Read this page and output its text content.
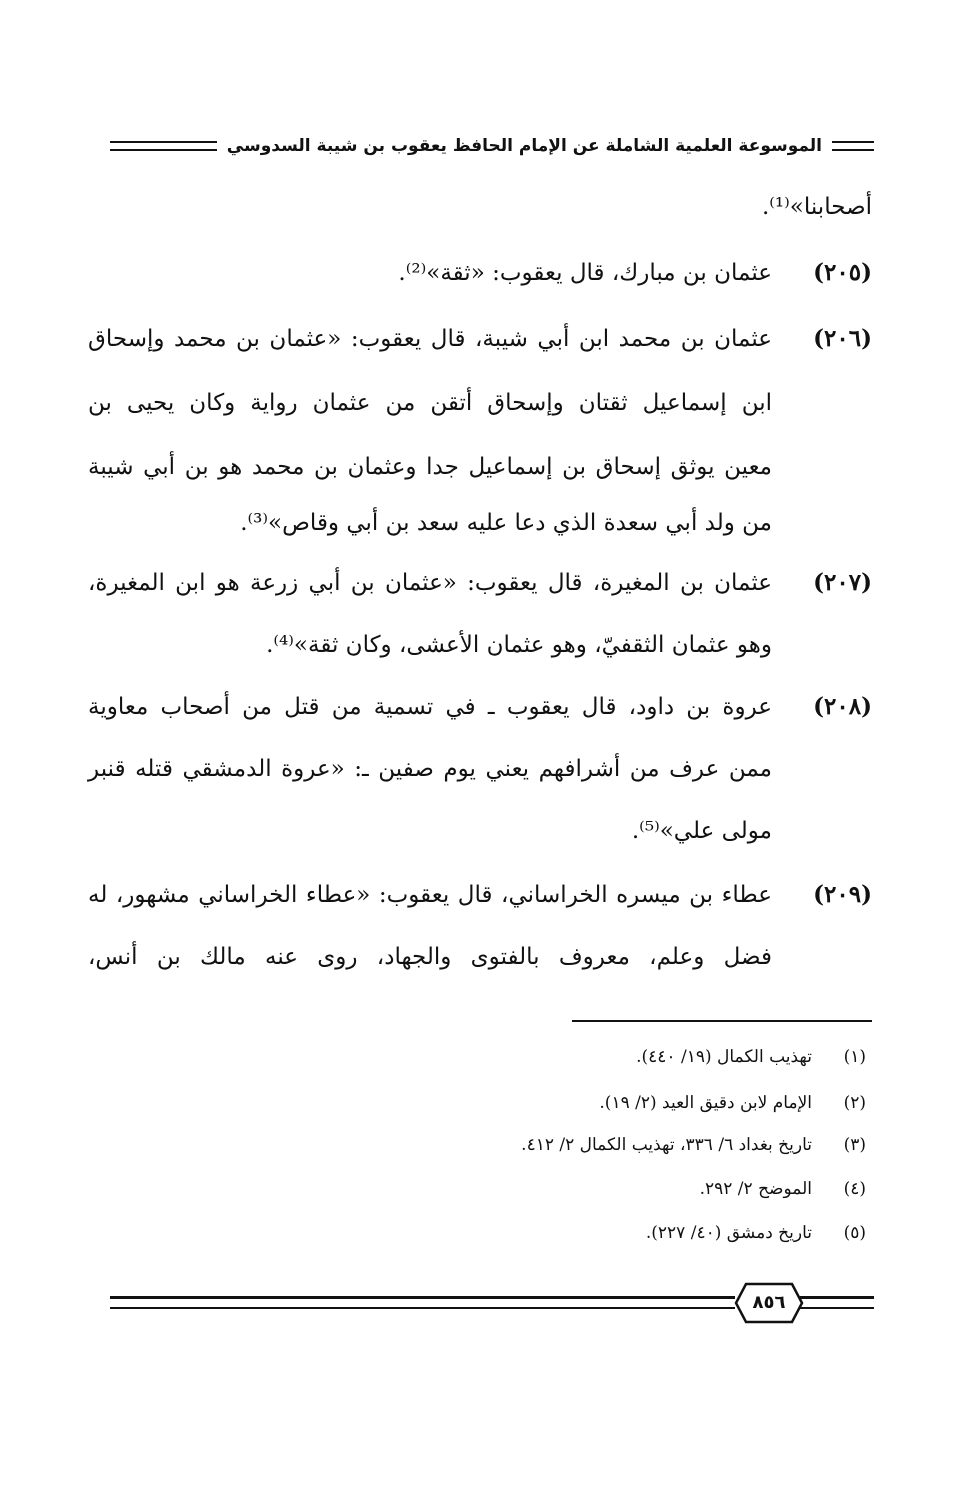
الموسوعة العلمية الشاملة عن الإمام الحافظ يعقوب بن شيبة السدوسي
أصحابنا»⁽¹⁾.
(٢٠٥)
عثمان بن مبارك، قال يعقوب: «ثقة»⁽²⁾.
(٢٠٦)
عثمان بن محمد ابن أبي شيبة، قال يعقوب: «عثمان بن محمد وإسحاق
ابن إسماعيل ثقتان وإسحاق أتقن من عثمان رواية وكان يحيى بن
معين يوثق إسحاق بن إسماعيل جدا وعثمان بن محمد هو بن أبي شيبة
من ولد أبي سعدة الذي دعا عليه سعد بن أبي وقاص»⁽³⁾.
(٢٠٧)
عثمان بن المغيرة، قال يعقوب: «عثمان بن أبي زرعة هو ابن المغيرة،
وهو عثمان الثقفيّ، وهو عثمان الأعشى، وكان ثقة»⁽⁴⁾.
(٢٠٨)
عروة بن داود، قال يعقوب ـ في تسمية من قتل من أصحاب معاوية
ممن عرف من أشرافهم يعني يوم صفين ـ: «عروة الدمشقي قتله قنبر
مولى علي»⁽⁵⁾.
(٢٠٩)
عطاء بن ميسره الخراساني، قال يعقوب: «عطاء الخراساني مشهور، له
فضل وعلم، معروف بالفتوى والجهاد، روى عنه مالك بن أنس،
(١)
تهذيب الكمال (١٩/ ٤٤٠).
(٢)
الإمام لابن دقيق العيد (٢/ ١٩).
(٣)
تاريخ بغداد ٦/ ٣٣٦، تهذيب الكمال ٢/ ٤١٢.
(٤)
الموضح ٢/ ٢٩٢.
(٥)
تاريخ دمشق (٤٠/ ٢٢٧).
٨٥٦
